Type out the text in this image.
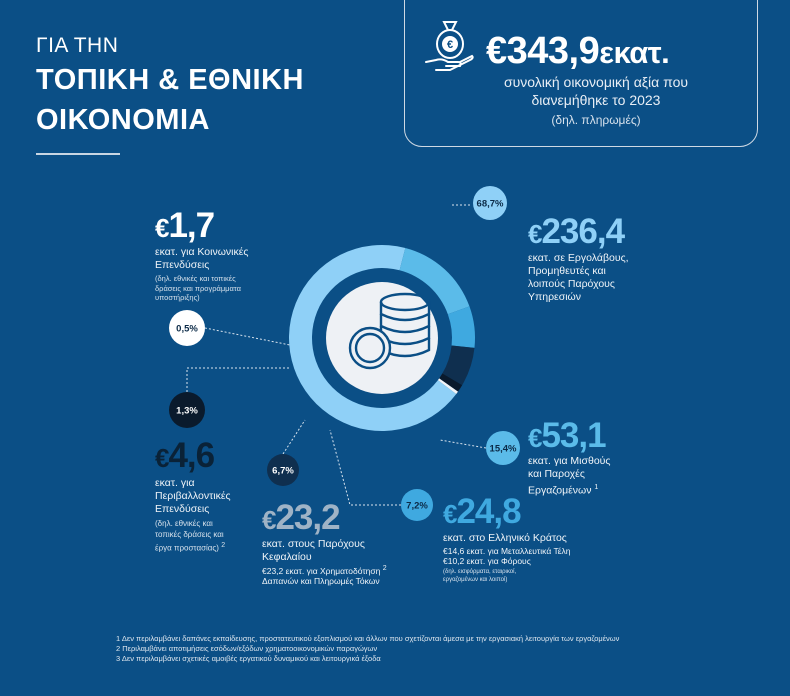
ΓΙΑ ΤΗΝ
ΤΟΠΙΚΗ & ΕΘΝΙΚΗ
ΟΙΚΟΝΟΜΙΑ
€ €343,9εκατ.
συνολική οικονομική αξία που
διανεμήθηκε το 2023
(δηλ. πληρωμές)
68,7%
15,4%
7,2%
6,7%
1,3%
0,5%
€236,4
εκατ. σε Εργολάβους,
Προμηθευτές και
λοιπούς Παρόχους
Υπηρεσιών
€53,1
εκατ. για Μισθούς
και Παροχές
Εργαζομένων $^1$
€24,8
εκατ. στο Ελληνικό Κράτος
€14,6 εκατ. για Μεταλλευτικά Τέλη
€10,2 εκατ. για Φόρους
(δηλ. εισφόρματα, εταιρικοί,
εργαζομένων και λοιποί)
€23,2
εκατ. στους Παρόχους
Κεφαλαίου
€23,2 εκατ. για Χρηματοδότηση $^2$
Δαπανών και Πληρωμές Τόκων
€4,6
εκατ. για
Περιβαλλοντικές
Επενδύσεις
(δηλ. εθνικές και
τοπικές δράσεις και
έργα προστασίας) 2
€1,7
εκατ. για Κοινωνικές
Επενδύσεις
(δηλ. εθνικές και τοπικές
δράσεις και προγράμματα
υποστήριξης)
1 Δεν περιλαμβάνει δαπάνες εκπαίδευσης, προστατευτικού εξοπλισμού και άλλων που σχετίζονται άμεσα με την εργασιακή λειτουργία των εργαζομένων
2 Περιλαμβάνει αποτιμήσεις εσόδων/εξόδων χρηματοοικονομικών παραγώγων
3 Δεν περιλαμβάνει σχετικές αμοιβές εργατικού δυναμικού και λειτουργικά έξοδα
